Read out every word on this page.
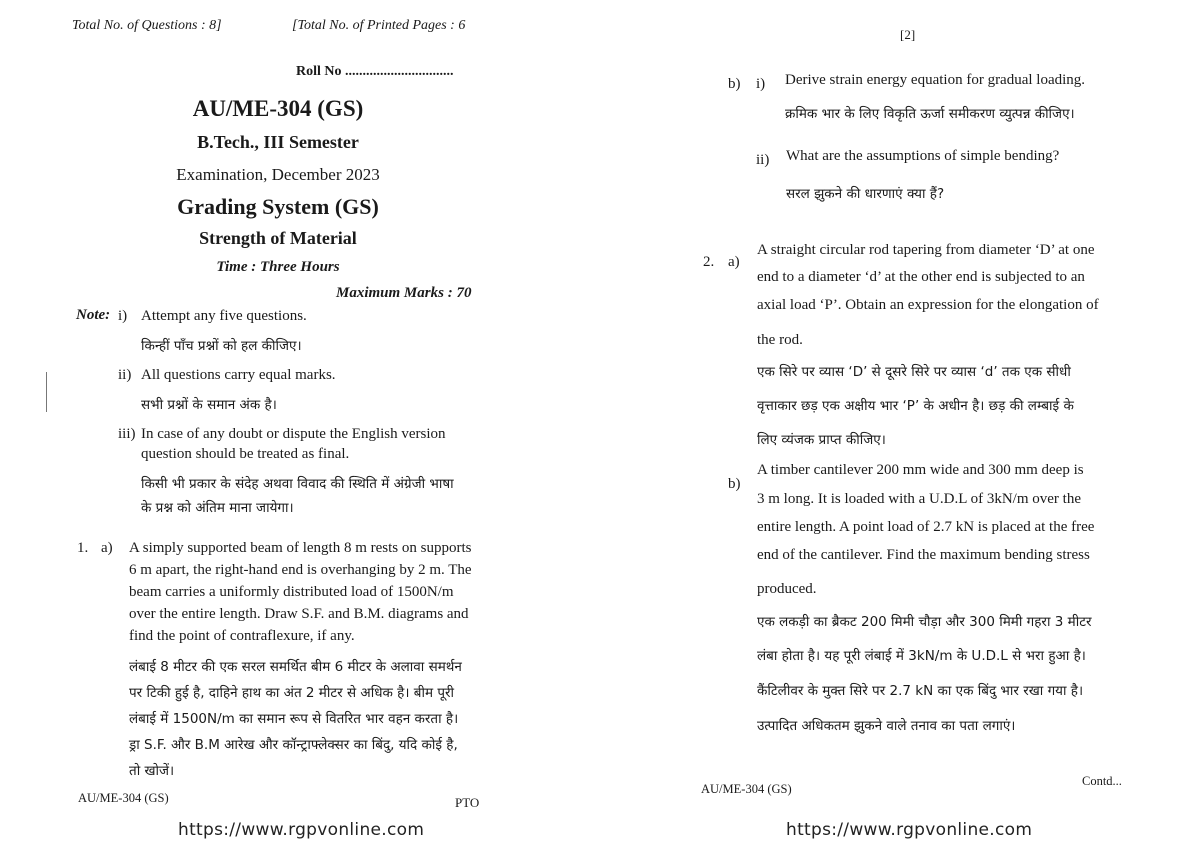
Total No. of Questions : 8]	[Total No. of Printed Pages : 6
Roll No ...............................
AU/ME-304 (GS)
B.Tech., III Semester
Examination, December 2023
Grading System (GS)
Strength of Material
Time : Three Hours
Maximum Marks : 70
Note: i) Attempt any five questions.
किन्हीं पाँच प्रश्नों को हल कीजिए।
ii) All questions carry equal marks.
सभी प्रश्नों के समान अंक है।
iii) In case of any doubt or dispute the English version
question should be treated as final.
किसी भी प्रकार के संदेह अथवा विवाद की स्थिति में अंग्रेजी भाषा
के प्रश्न को अंतिम माना जायेगा।
1. a) A simply supported beam of length 8 m rests on supports
6 m apart, the right-hand end is overhanging by 2 m. The
beam carries a uniformly distributed load of 1500N/m
over the entire length. Draw S.F. and B.M. diagrams and
find the point of contraflexure, if any.
लंबाई 8 मीटर की एक सरल समर्थित बीम 6 मीटर के अलावा समर्थन
पर टिकी हुई है, दाहिने हाथ का अंत 2 मीटर से अधिक है। बीम पूरी
लंबाई में 1500N/m का समान रूप से वितरित भार वहन करता है।
ड्रा S.F. और B.M आरेख और कॉन्ट्राफ्लेक्सर का बिंदु, यदि कोई है,
तो खोजें।
AU/ME-304 (GS)	PTO
https://www.rgpvonline.com
[2]
b) i) Derive strain energy equation for gradual loading.
क्रमिक भार के लिए विकृति ऊर्जा समीकरण व्युत्पन्न कीजिए।
ii) What are the assumptions of simple bending?
सरल झुकने की धारणाएं क्या हैं?
2. a)
A straight circular rod tapering from diameter ‘D’ at one
end to a diameter ‘d’ at the other end is subjected to an
axial load ‘P’. Obtain an expression for the elongation of
the rod.
एक सिरे पर व्यास ‘D’ से दूसरे सिरे पर व्यास ‘d’ तक एक सीधी
वृत्ताकार छड़ एक अक्षीय भार ‘P’ के अधीन है। छड़ की लम्बाई के
लिए व्यंजक प्राप्त कीजिए।
b)
A timber cantilever 200 mm wide and 300 mm deep is
3 m long. It is loaded with a U.D.L of 3kN/m over the
entire length. A point load of 2.7 kN is placed at the free
end of the cantilever. Find the maximum bending stress
produced.
एक लकड़ी का ब्रैकट 200 मिमी चौड़ा और 300 मिमी गहरा 3 मीटर
लंबा होता है। यह पूरी लंबाई में 3kN/m के U.D.L से भरा हुआ है।
कैंटिलीवर के मुक्त सिरे पर 2.7 kN का एक बिंदु भार रखा गया है।
उत्पादित अधिकतम झुकने वाले तनाव का पता लगाएं।
AU/ME-304 (GS)
Contd...
https://www.rgpvonline.com
